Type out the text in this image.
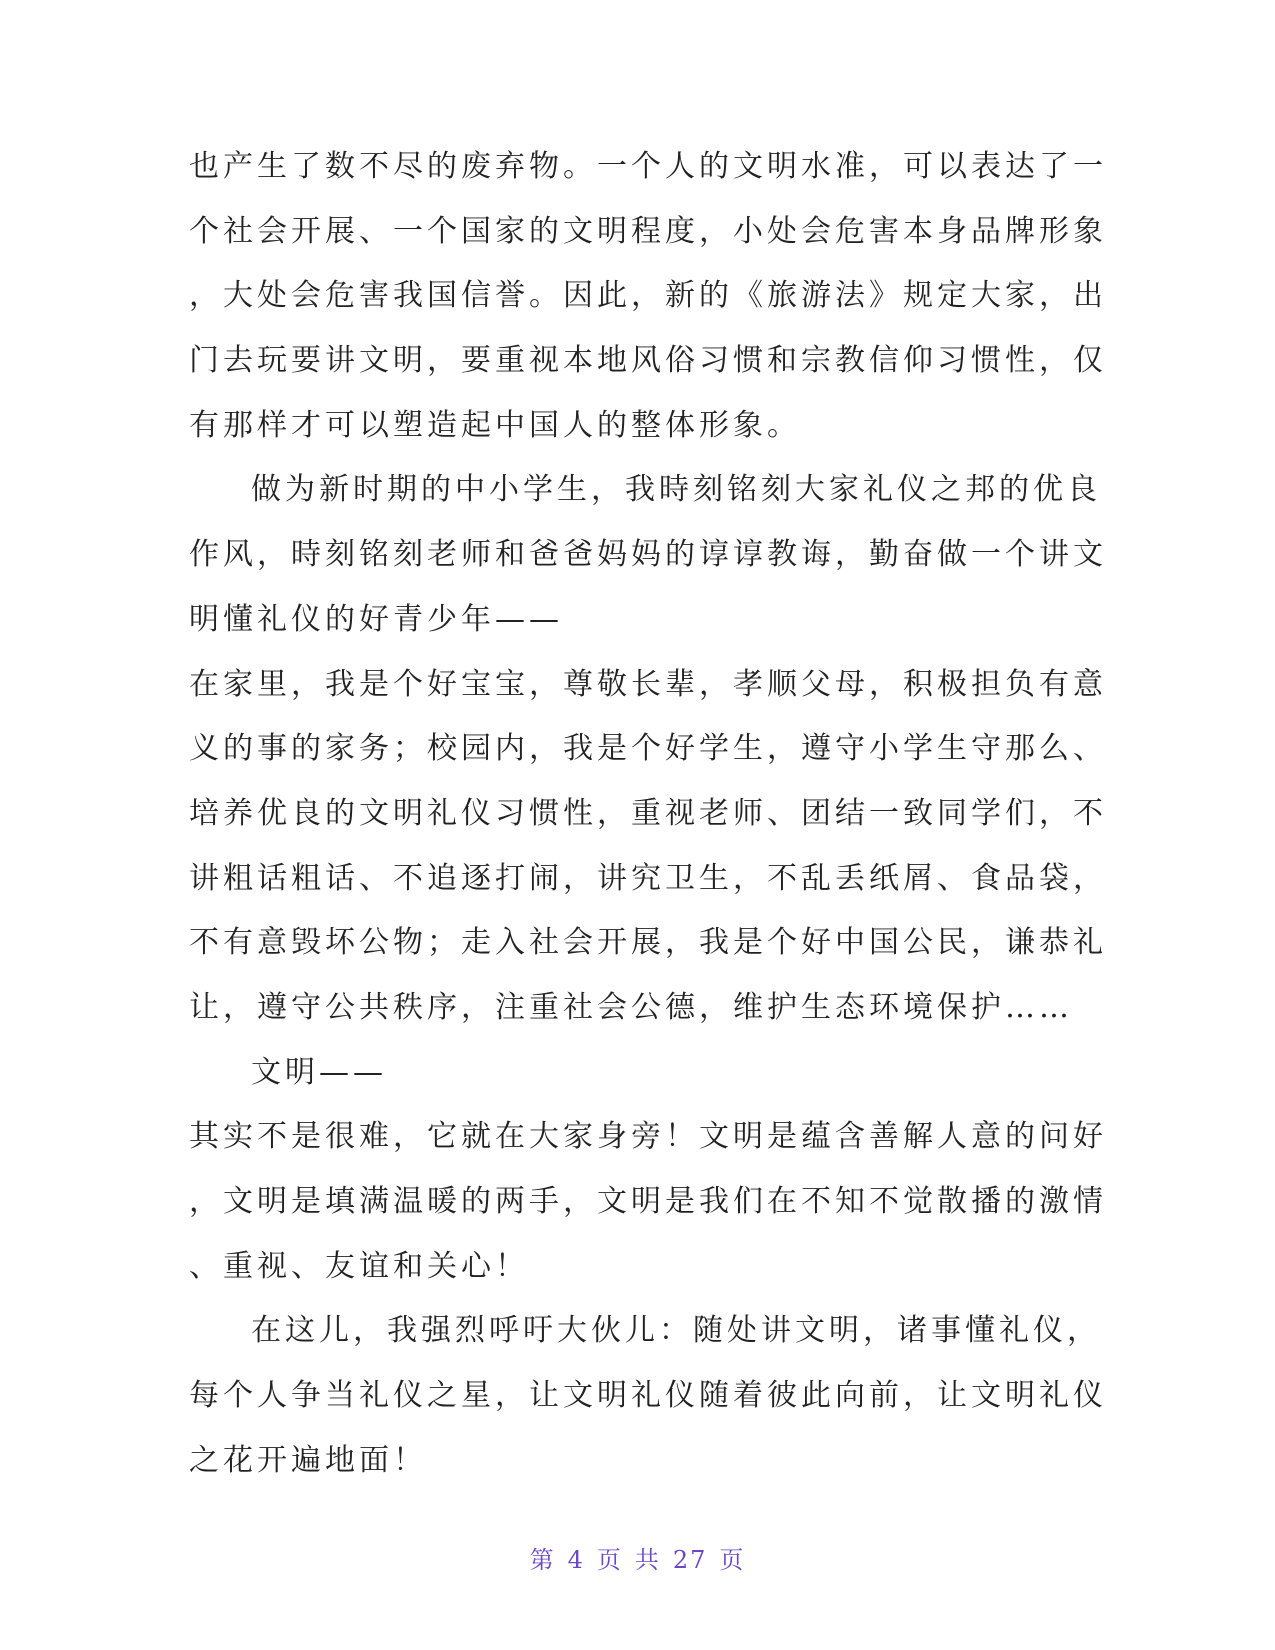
也产生了数不尽的废弃物。一个人的文明水准，可以表达了一
个社会开展、一个国家的文明程度，小处会危害本身品牌形象
，大处会危害我国信誉。因此，新的《旅游法》规定大家，出
门去玩要讲文明，要重视本地风俗习惯和宗教信仰习惯性，仅
有那样才可以塑造起中国人的整体形象。
做为新时期的中小学生，我時刻铭刻大家礼仪之邦的优良
作风，時刻铭刻老师和爸爸妈妈的谆谆教诲，勤奋做一个讲文
明懂礼仪的好青少年——
在家里，我是个好宝宝，尊敬长辈，孝顺父母，积极担负有意
义的事的家务；校园内，我是个好学生，遵守小学生守那么、
培养优良的文明礼仪习惯性，重视老师、团结一致同学们，不
讲粗话粗话、不追逐打闹，讲究卫生，不乱丢纸屑、食品袋，
不有意毁坏公物；走入社会开展，我是个好中国公民，谦恭礼
让，遵守公共秩序，注重社会公德，维护生态环境保护……
文明——
其实不是很难，它就在大家身旁！文明是蕴含善解人意的问好
，文明是填满温暖的两手，文明是我们在不知不觉散播的激情
、重视、友谊和关心！
在这儿，我强烈呼吁大伙儿：随处讲文明，诸事懂礼仪，
每个人争当礼仪之星，让文明礼仪随着彼此向前，让文明礼仪
之花开遍地面！
第 4 页 共 27 页
